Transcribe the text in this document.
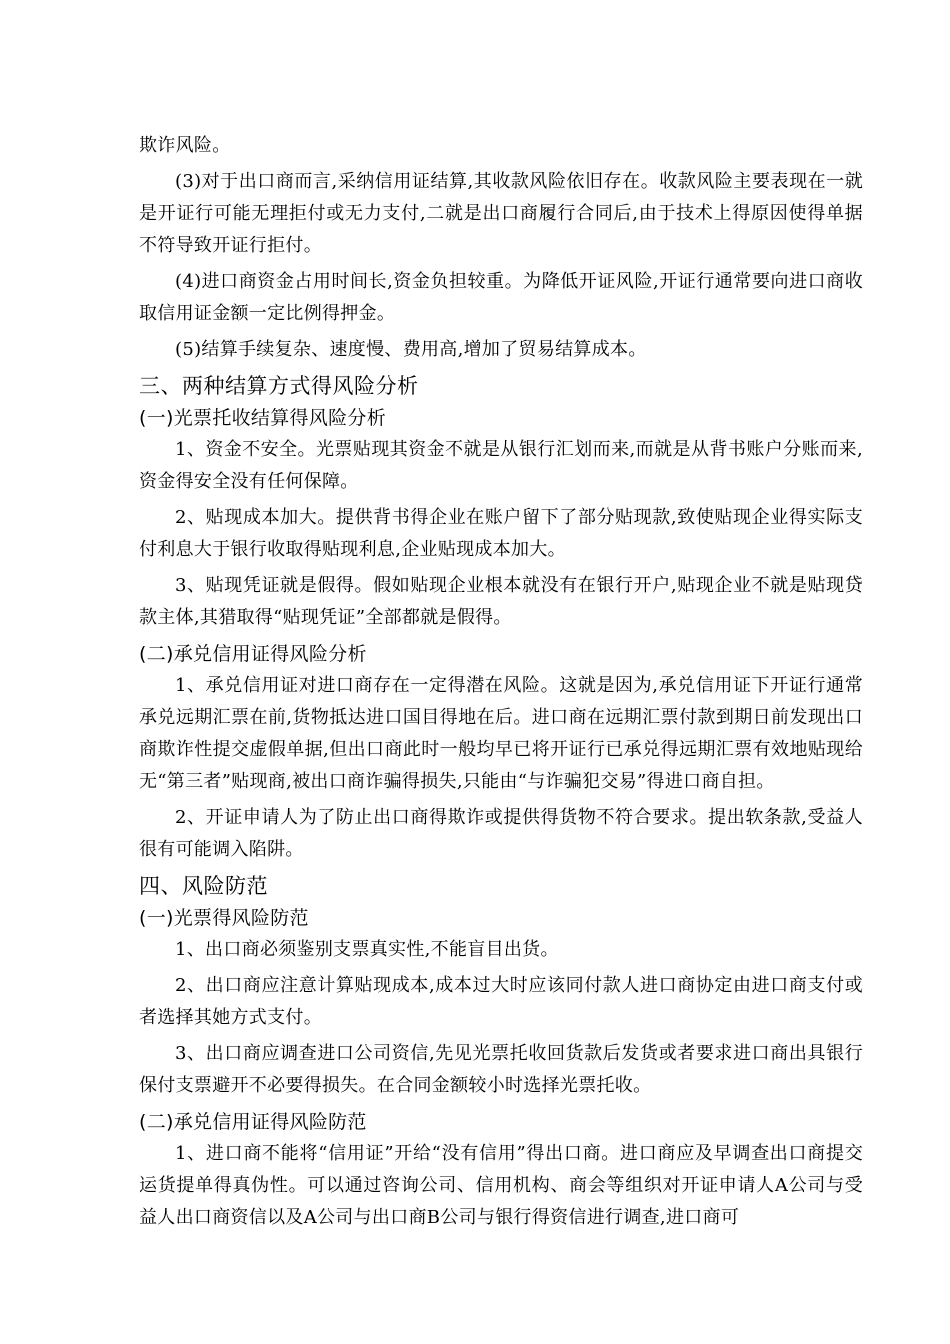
欺诈风险。

(3)对于出口商而言,采纳信用证结算,其收款风险依旧存在。收款风险主要表现在一就是开证行可能无理拒付或无力支付,二就是出口商履行合同后,由于技术上得原因使得单据不符导致开证行拒付。

(4)进口商资金占用时间长,资金负担较重。为降低开证风险,开证行通常要向进口商收取信用证金额一定比例得押金。

(5)结算手续复杂、速度慢、费用高,增加了贸易结算成本。

三、两种结算方式得风险分析
(一)光票托收结算得风险分析

1、资金不安全。光票贴现其资金不就是从银行汇划而来,而就是从背书账户分账而来,资金得安全没有任何保障。

2、贴现成本加大。提供背书得企业在账户留下了部分贴现款,致使贴现企业得实际支付利息大于银行收取得贴现利息,企业贴现成本加大。

3、贴现凭证就是假得。假如贴现企业根本就没有在银行开户,贴现企业不就是贴现贷款主体,其猎取得“贴现凭证”全部都就是假得。

(二)承兑信用证得风险分析

1、承兑信用证对进口商存在一定得潜在风险。这就是因为,承兑信用证下开证行通常承兑远期汇票在前,货物抵达进口国目得地在后。进口商在远期汇票付款到期日前发现出口商欺诈性提交虚假单据,但出口商此时一般均早已将开证行已承兑得远期汇票有效地贴现给无“第三者”贴现商,被出口商诈骗得损失,只能由“与诈骗犯交易”得进口商自担。

2、开证申请人为了防止出口商得欺诈或提供得货物不符合要求。提出软条款,受益人很有可能调入陷阱。

四、风险防范
(一)光票得风险防范

1、出口商必须鉴别支票真实性,不能盲目出货。

2、出口商应注意计算贴现成本,成本过大时应该同付款人进口商协定由进口商支付或者选择其她方式支付。

3、出口商应调查进口公司资信,先见光票托收回货款后发货或者要求进口商出具银行保付支票避开不必要得损失。在合同金额较小时选择光票托收。

(二)承兑信用证得风险防范

1、进口商不能将“信用证”开给“没有信用”得出口商。进口商应及早调查出口商提交运货提单得真伪性。可以通过咨询公司、信用机构、商会等组织对开证申请人A公司与受益人出口商资信以及A公司与出口商B公司与银行得资信进行调查,进口商可
